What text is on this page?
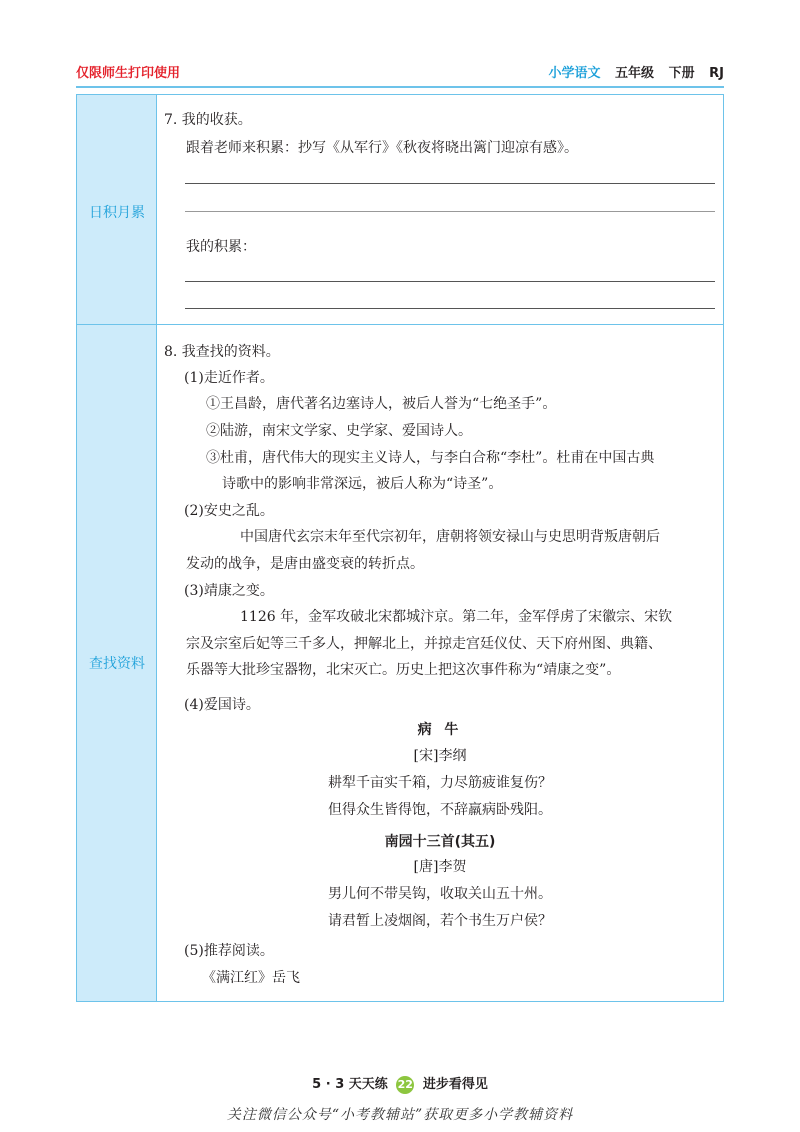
仅限师生打印使用	小学语文 五年级 下册 RJ
日积月累
查找资料
7. 我的收获。
跟着老师来积累：抄写《从军行》《秋夜将晓出篱门迎凉有感》。
我的积累：
8. 我查找的资料。
(1)走近作者。
①王昌龄，唐代著名边塞诗人，被后人誉为“七绝圣手”。
②陆游，南宋文学家、史学家、爱国诗人。
③杜甫，唐代伟大的现实主义诗人，与李白合称“李杜”。杜甫在中国古典
诗歌中的影响非常深远，被后人称为“诗圣”。
(2)安史之乱。
中国唐代玄宗末年至代宗初年，唐朝将领安禄山与史思明背叛唐朝后
发动的战争，是唐由盛变衰的转折点。
(3)靖康之变。
1126 年，金军攻破北宋都城汴京。第二年，金军俘虏了宋徽宗、宋钦
宗及宗室后妃等三千多人，押解北上，并掠走宫廷仪仗、天下府州图、典籍、
乐器等大批珍宝器物，北宋灭亡。历史上把这次事件称为“靖康之变”。
(4)爱国诗。
病 牛
[宋]李纲
耕犁千亩实千箱，力尽筋疲谁复伤？
但得众生皆得饱，不辞羸病卧残阳。
南园十三首(其五)
[唐]李贺
男儿何不带吴钩，收取关山五十州。
请君暂上凌烟阁，若个书生万户侯？
(5)推荐阅读。
《满江红》岳飞
5 · 3 天天练 22 进步看得见
关注微信公众号“小考教辅站”获取更多小学教辅资料
